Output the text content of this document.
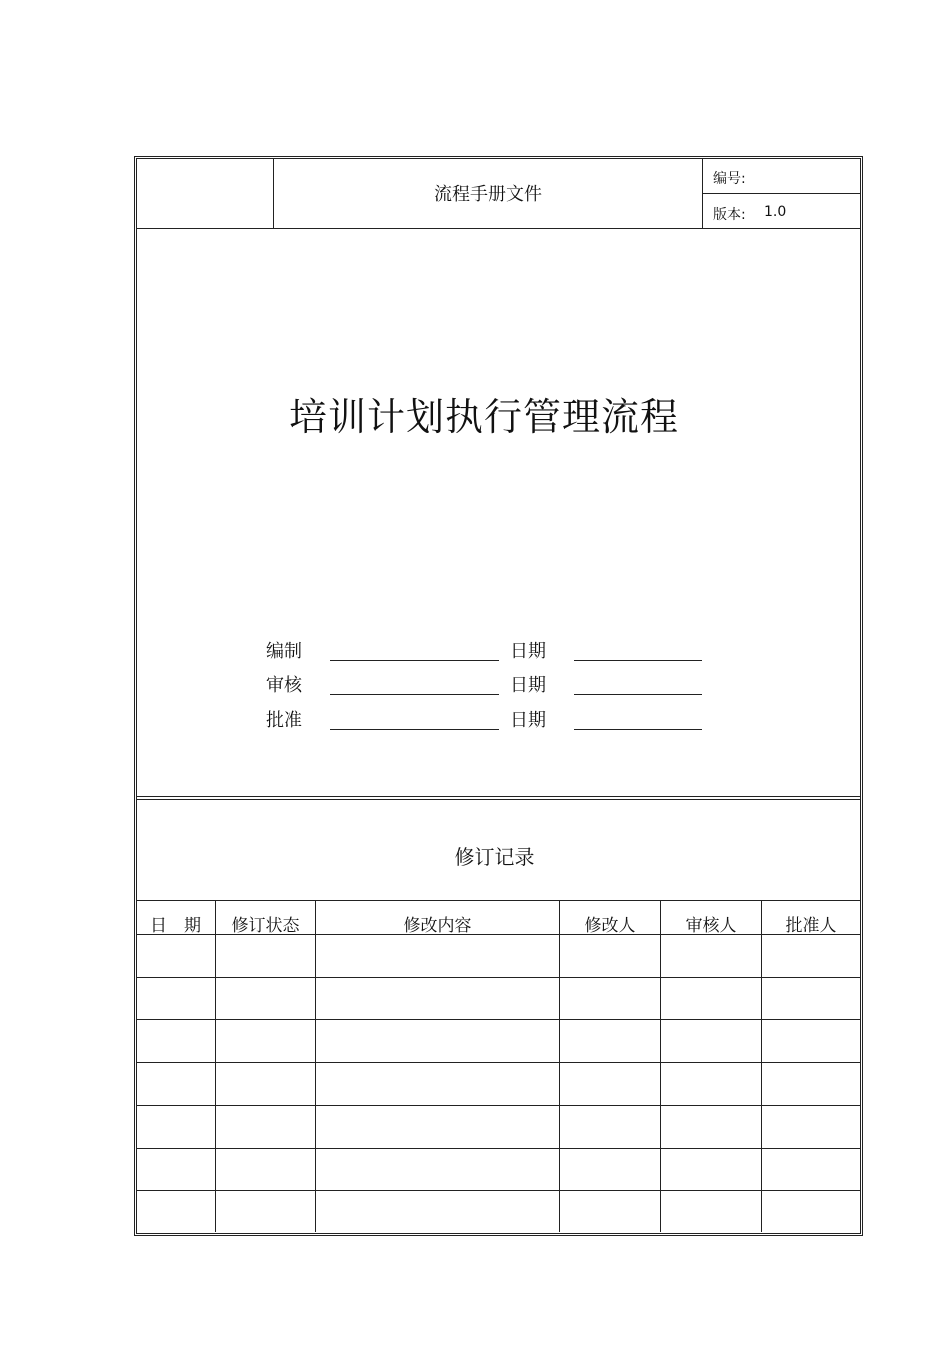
流程手册文件
编号:
版本: 1.0
培训计划执行管理流程
编制	日期
审核	日期
批准	日期
修订记录
日　期	修订状态	修改内容	修改人	审核人	批准人
